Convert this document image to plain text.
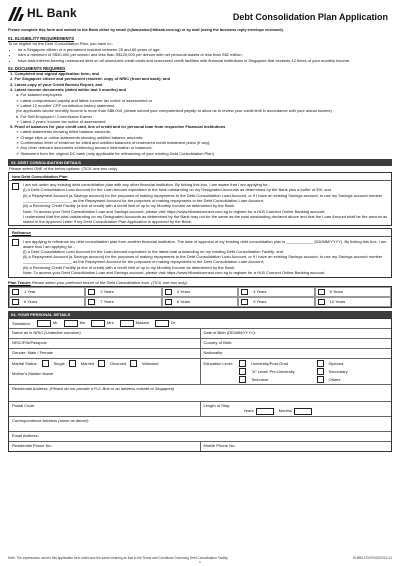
HL Bank	Debt Consolidation Plan Application
Please complete this form and submit to the Bank either by email @(loansales@hlbank.com.sg) or by mail (using the business reply envelope enclosed).
01. ELIGIBILITY REQUIREMENTS

To be eligible for the Debt Consolidation Plan, you have to:-

• be a Singapore citizen or a permanent resident between 25 and 65 years of age;
• earn a minimum of S$30,000 per annum and less than S$120,000 per annum with net personal assets of less than S$2 million;
• have total interest-bearing unsecured debt on all unsecured credit cards and unsecured credit facilities with financial institutions in Singapore that exceeds 12 times of your monthly income.
02. DOCUMENTS REQUIRED
1. Completed and signed application form; and
2. For Singapore citizen and permanent resident: copy of NRIC (front and back); and
3. Latest copy of your Credit Bureau Report; and
4. Latest income documents (dated within last 3 months) and
a. For salaried employees
➢ Latest computerised payslip and latest income tax notice of assessment or
➢ Latest 12 months' CPF contribution history statement
(for applicants whose monthly income is more than S$6,000, please submit your computerised payslip to allow us to review your credit limit in accordance with your actual income)
b. For Self-Employed / Commission Earner
➢ Latest 2 years' income tax notice of assessment
5. Proof of balances for your credit card, line of credit and /or personal loan from respective Financial Institutions
➢ Latest statements showing billed balance amounts;
➢ Charge slips or online statements showing unbilled balance amounts;
➢ Confirmation letter of evidence for billed and unbilled balances of unsecured credit instalment plans (if any);
➢ Any other relevant documents evidencing account information or balances;
➢ Statement from the original DC bank (only applicable for refinancing of your existing Debt Consolidation Plan)
03. DEBT CONSOLIDATION DETAILS
Please select ONE of the below options: (TICK one box only)
New Debt Consolidation Plan

I am not under any existing debt consolidation plan with any other financial institution. By ticking this box, I am aware that I am applying for -

(i) a Debt Consolidation Loan Account for the Loan Amount equivalent to the total outstanding on my Designated Accounts as determined by the Bank plus a buffer of 5%; and

(ii) a Repayment Account (a Savings account) for the purposes of making repayments to the Debt Consolidation Loan Account, or if I have an existing Savings account, to use my Savings account number ______________________ as the Repayment Account for the purposes of making repayments to the Debt Consolidation Loan Account;

(iii) a Revolving Credit Facility (a line of credit) with a credit limit of up to my Monthly Income as determined by the Bank.

Note: To access your Debt Consolidation Loan and Savings account, please visit https://www.hlbankconnect.com.sg to register for a HLB Connect Online Banking account.

I understand that the total outstanding on my Designated Accounts as determined by the Bank may not be the same as the total outstanding declared above and that the Loan Amount shall be the amount as stated in the Approval Letter if my Debt Consolidation Plan Application is approved by the Bank.

Refinance

I am applying to refinance my debt consolidation plan from another financial institution. The date of approval of my existing debt consolidation plan is ____________ (DD/MM/YYYY). By ticking this box, I am aware that I am applying for -

(i) a Debt Consolidation Loan Account for the Loan Amount equivalent to the latest total outstanding on my existing Debt Consolidation Facility; and

(ii) a Repayment Account (a Savings account) for the purposes of making repayments to the Debt Consolidation Loan Account, or if I have an existing Savings account, to use my Savings account number ______________________ as the Repayment Account for the purposes of making repayments to the Debt Consolidation Loan Account;

(iii) a Revolving Credit Facility (a line of credit) with a credit limit of up to my Monthly Income as determined by the Bank.

Note: To access your Debt Consolidation Loan and Savings account, please visit https://www.hlbankconnect.com.sg to register for a HLB Connect Online Banking account.

Plan Tenure Please select your preferred tenure of the Debt Consolidation loan. (TICK one box only).
1 Year	2 Years	3 Years	4 Years	5 Years
6 Years	7 Years	8 Years	9 Years	10 Years
04. YOUR PERSONAL DETAILS
Salutation:	Mr	Ms	Mrs	Madam	Dr
Name as in NRIC (Underline surname)	Date of Birth (DD/MM/YYYY):
NRIC/FIN/Passport:	Country of Birth:
Gender: Male / Female	Nationality:
Marital Status:	Single	Married	Divorced	Widowed
Mother's Maiden Name
Education Level:	University/Post-Grad	Diploma
"A" Level/ Pre-University	Secondary
Technical	Others
Residential Address: (Please do not provide a P.O. Box or an address outside of Singapore)
Postal Code:	Length of Stay:
Years	Months
Correspondence Address (same as above):
Email Address:
Residential Phone No.:	Mobile Phone No.:
Note: The expressions used in this application form shall have the same meaning as that in the Terms and Conditions Governing Debt Consolidation Facility.	HLBB/LT/DCP/022/2021-01
1
